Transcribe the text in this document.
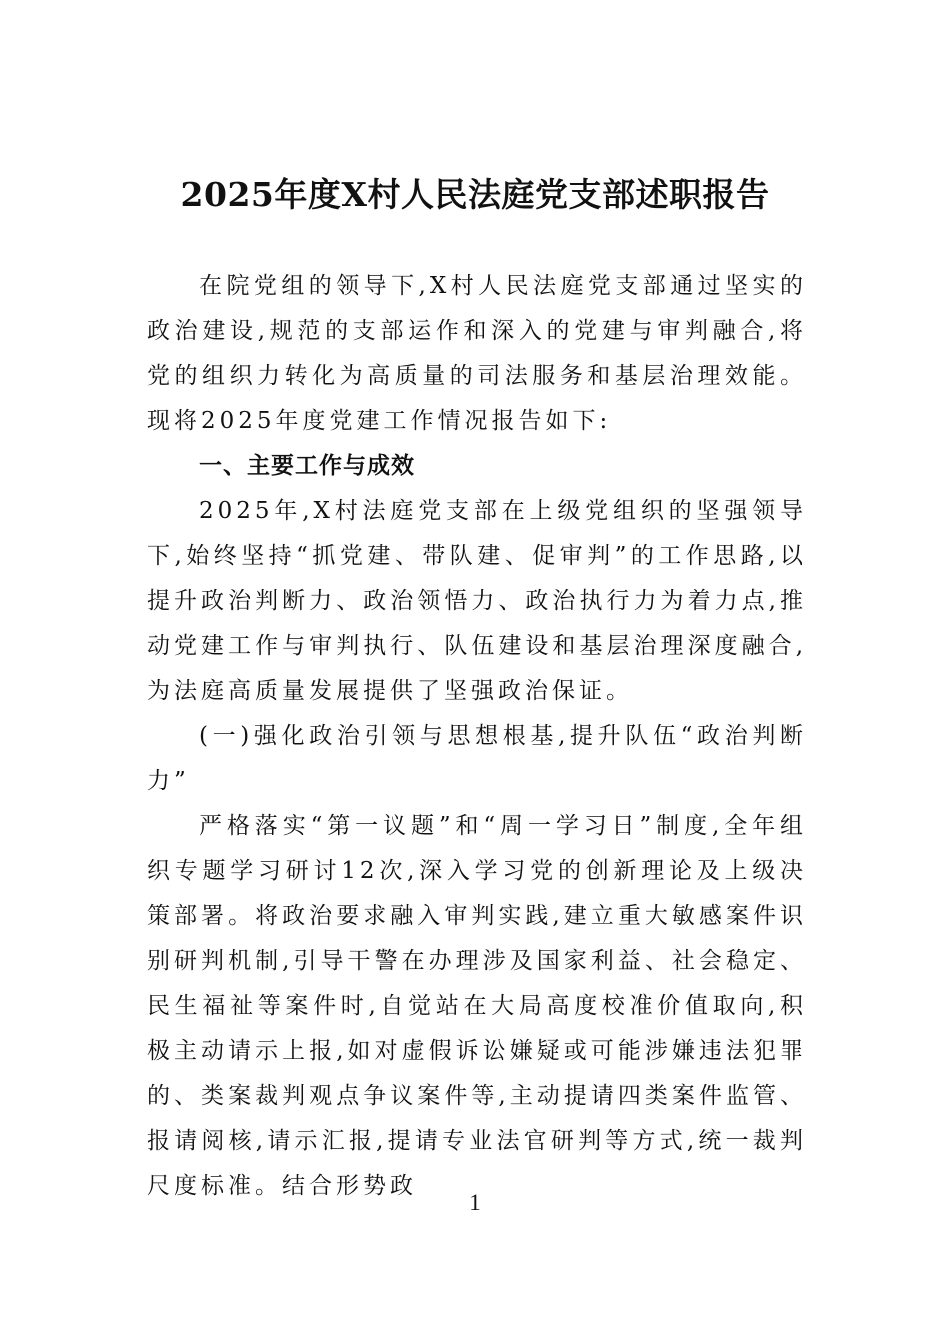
2025年度X村人民法庭党支部述职报告

在院党组的领导下,X村人民法庭党支部通过坚实的政治建设,规范的支部运作和深入的党建与审判融合,将党的组织力转化为高质量的司法服务和基层治理效能。现将2025年度党建工作情况报告如下:

一、主要工作与成效

2025年,X村法庭党支部在上级党组织的坚强领导下,始终坚持“抓党建、带队建、促审判”的工作思路,以提升政治判断力、政治领悟力、政治执行力为着力点,推动党建工作与审判执行、队伍建设和基层治理深度融合,为法庭高质量发展提供了坚强政治保证。

(一)强化政治引领与思想根基,提升队伍“政治判断力”

严格落实“第一议题”和“周一学习日”制度,全年组织专题学习研讨12次,深入学习党的创新理论及上级决策部署。将政治要求融入审判实践,建立重大敏感案件识别研判机制,引导干警在办理涉及国家利益、社会稳定、民生福祉等案件时,自觉站在大局高度校准价值取向,积极主动请示上报,如对虚假诉讼嫌疑或可能涉嫌违法犯罪的、类案裁判观点争议案件等,主动提请四类案件监管、报请阅核,请示汇报,提请专业法官研判等方式,统一裁判尺度标准。结合形势政

1
